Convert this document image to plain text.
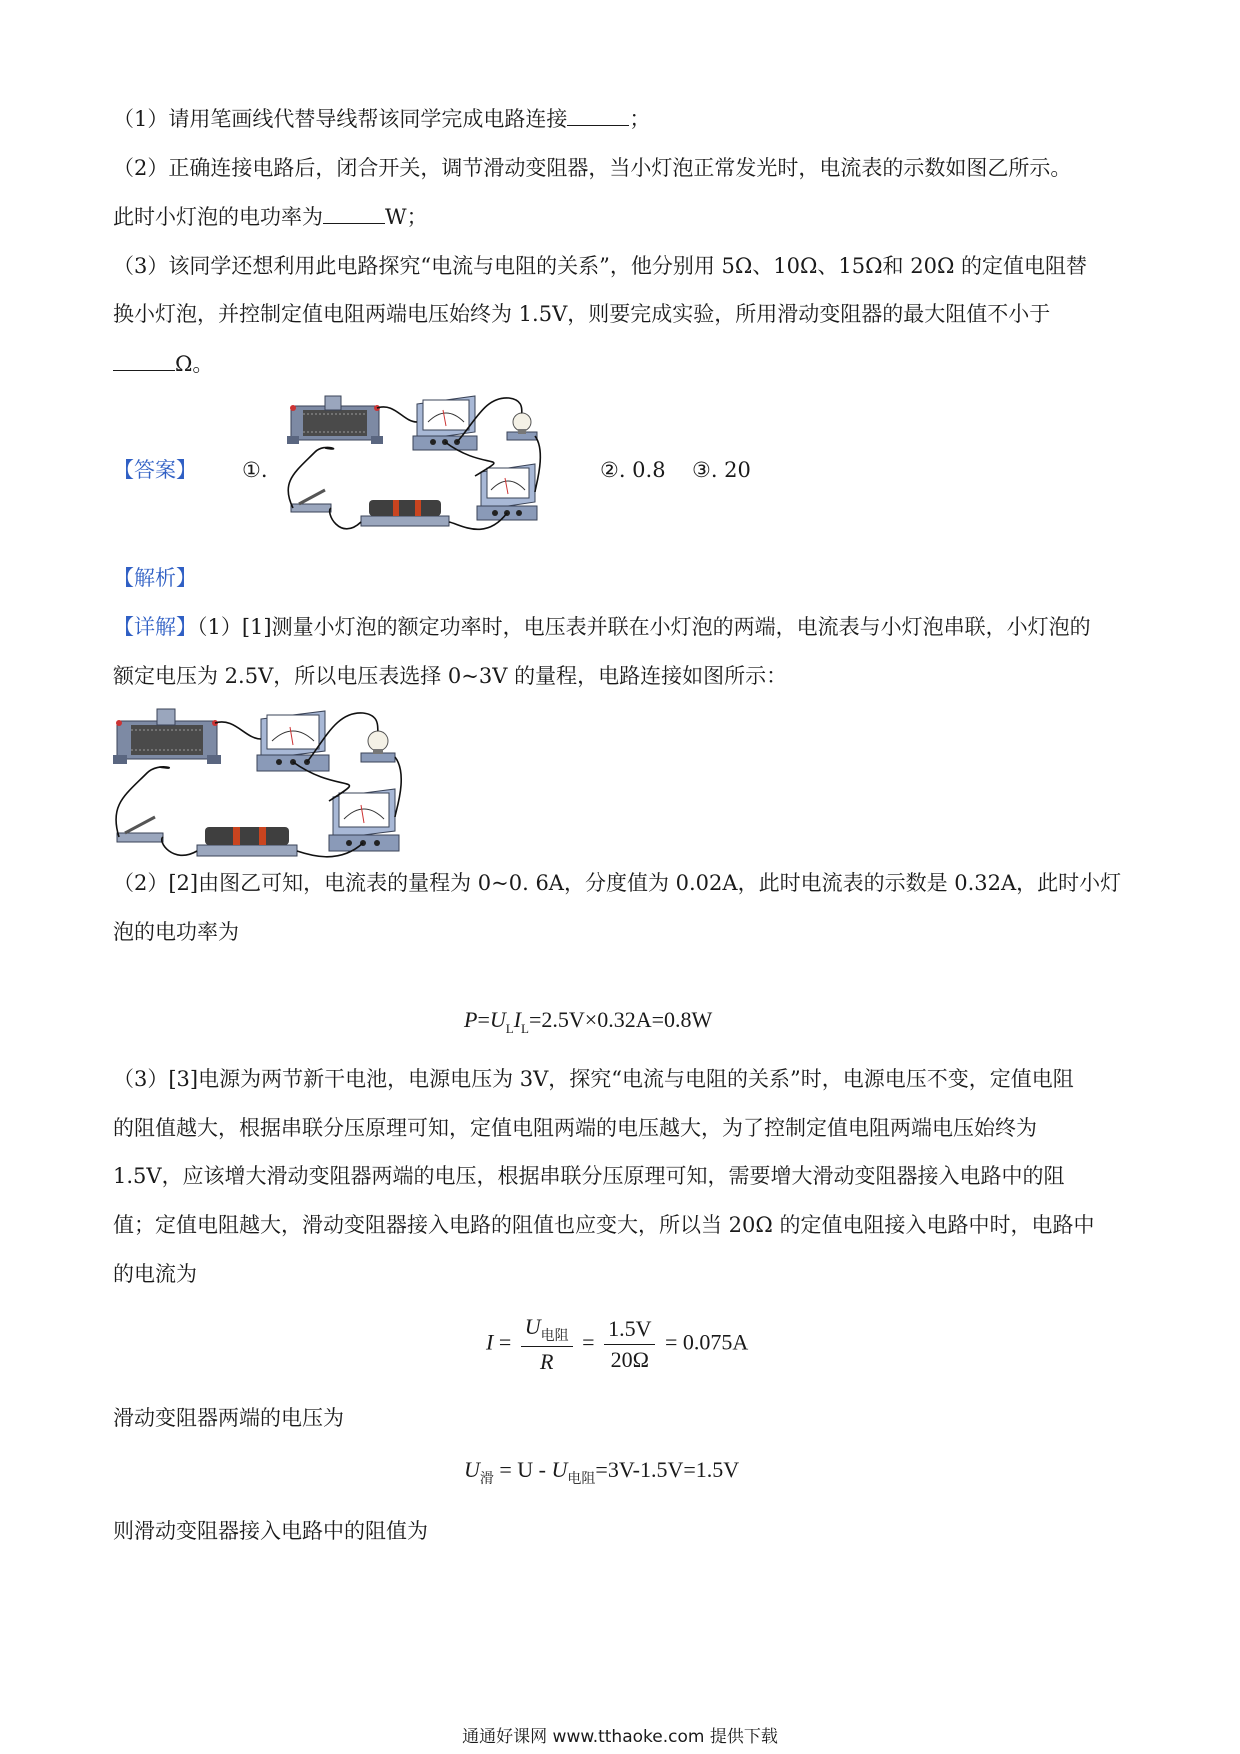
（1）请用笔画线代替导线帮该同学完成电路连接	；
（2）正确连接电路后，闭合开关，调节滑动变阻器，当小灯泡正常发光时，电流表的示数如图乙所示。
此时小灯泡的电功率为	W；
（3）该同学还想利用此电路探究“电流与电阻的关系”，他分别用 5Ω、10Ω、15Ω和 20Ω 的定值电阻替
换小灯泡，并控制定值电阻两端电压始终为 1.5V，则要完成实验，所用滑动变阻器的最大阻值不小于
Ω。
【答案】 ①.	②. 0.8 ③. 20
【解析】
【详解】（1）[1]测量小灯泡的额定功率时，电压表并联在小灯泡的两端，电流表与小灯泡串联，小灯泡的
额定电压为 2.5V，所以电压表选择 0~3V 的量程，电路连接如图所示：
（2）[2]由图乙可知，电流表的量程为 0~0. 6A，分度值为 0.02A，此时电流表的示数是 0.32A，此时小灯
泡的电功率为
$P=U_LI_L=2.5V\times 0.32A=0.8W$
（3）[3]电源为两节新干电池，电源电压为 3V，探究“电流与电阻的关系”时，电源电压不变，定值电阻
的阻值越大，根据串联分压原理可知，定值电阻两端的电压越大，为了控制定值电阻两端电压始终为
1.5V，应该增大滑动变阻器两端的电压，根据串联分压原理可知，需要增大滑动变阻器接入电路中的阻
值；定值电阻越大，滑动变阻器接入电路的阻值也应变大，所以当 20Ω 的定值电阻接入电路中时，电路中
的电流为
$I = \frac{U_{电阻}}{R} = \frac{1.5V}{20\Omega} = 0.075A$
滑动变阻器两端的电压为
$U_滑 = U - U_{电阻}=3V-1.5V=1.5V$
则滑动变阻器接入电路中的阻值为
通通好课网 www.tthaoke.com 提供下载
